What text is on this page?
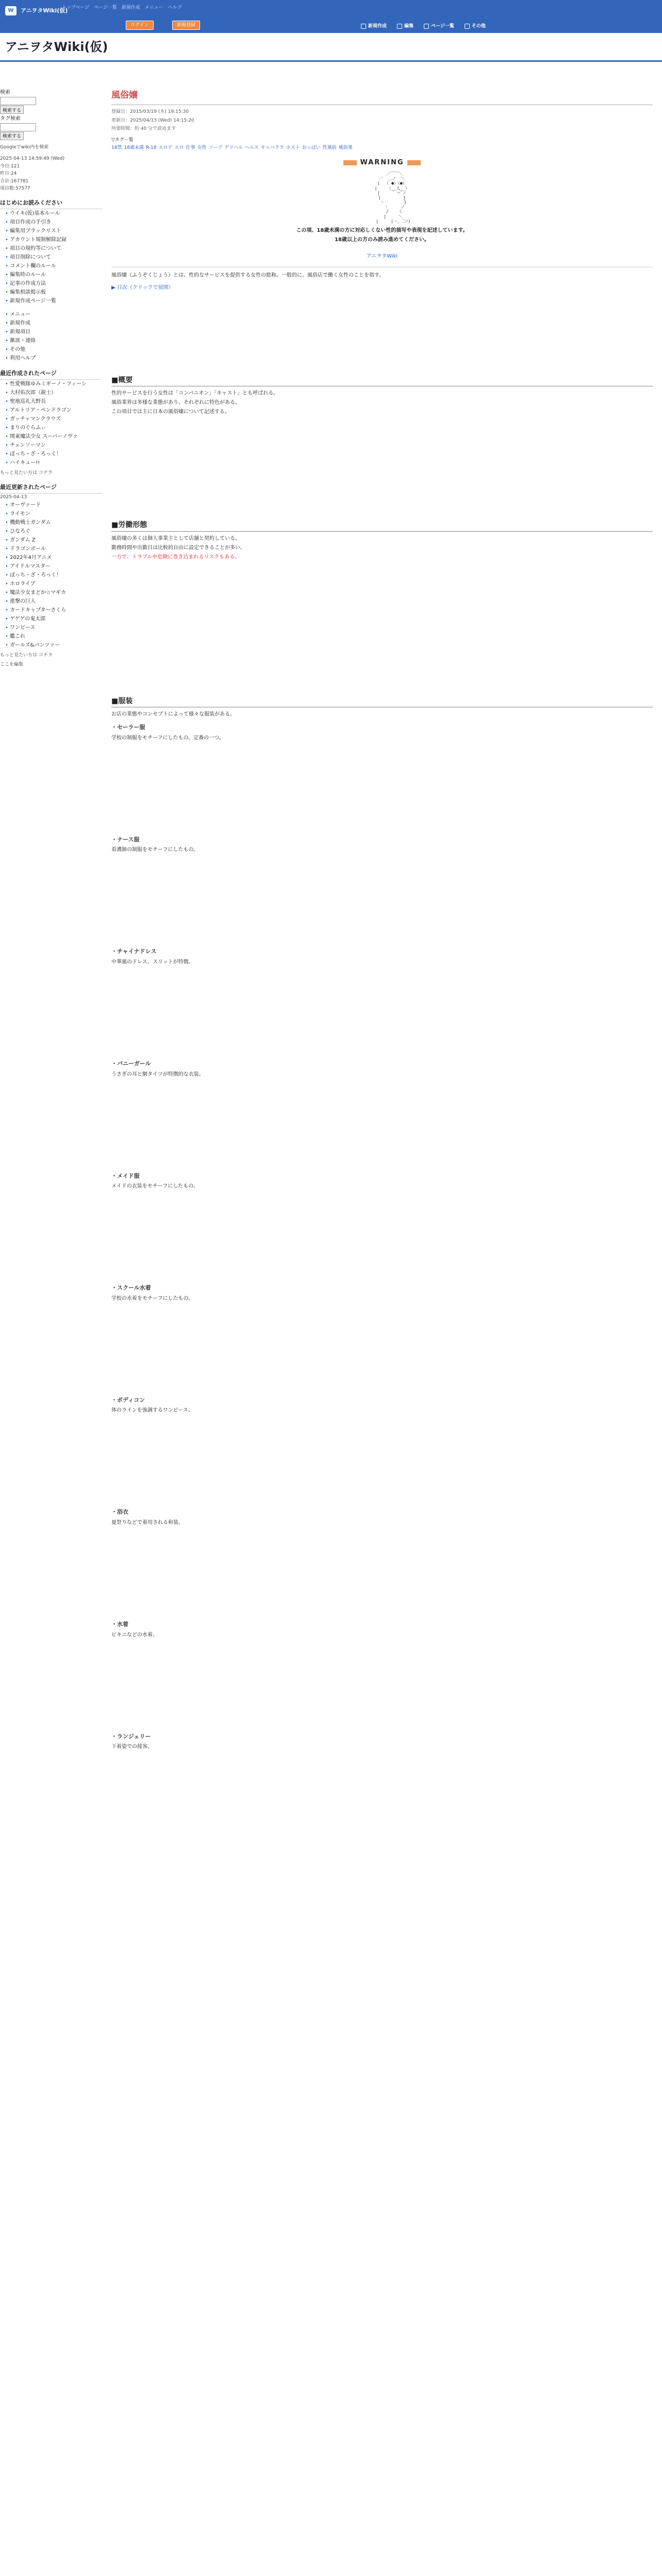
W	アニヲタWiki(仮)
トップページ ページ一覧 新規作成 メニュー ヘルプ
ログイン	新規登録	新規作成	編集	ページ一覧	その他
アニヲタWiki(仮)
検索

検索する
タグ検索

検索する
Googleでwiki内を検索
2025-04-13 14:59:49 (Wed)
今日:121
昨日:24
合計:167781
項目数:57577
はじめにお読みください
• ウイキ(仮)基本ルール
• 項目作成の手引き
• 編集用ブラックリスト
• アカウント規制解除記録
• 項目の規約等について
• 項目削除について
• コメント欄のルール
• 編集時のルール
• 記事の作成方法
• 編集相談掲示板
• 新規作成ページ一覧
• メニュー
• 新規作成
• 新規項目
• 雑談・連絡
• その他
• 利用ヘルプ
最近作成されたページ
• 性愛戦隊ゆみミギーノ・フィーシ
• 大村佑次郎（鋭士）
• 聖地巡礼大野長
• アルトリア・ペンドラゴン
• ガッチャマンクラウズ
• まりのぐらふぃ
• 関東魔法少女 スーパーノヴァ
• チェンソーマン
• ぼっち・ざ・ろっく！
• ハイキュー!!
もっと見たい方は コチラ
最近更新されたページ
2025-04-13
• オーヴァード
• ライモン
• 機動戦士ガンダム
• ひなろぐ
• ガンダム Ζ
• ドラゴンボール
• 2022年4月アニメ
• アイドルマスター
• ぼっち・ざ・ろっく！
• ホロライブ
• 魔法少女まどか☆マギカ
• 進撃の巨人
• カードキャプターさくら
• ゲゲゲの鬼太郎
• ワンピース
• 艦これ
• ガールズ&パンツァー
もっと見たい方は コチラ
ここを編集
風俗嬢

登録日：2015/03/19 (木) 19:15:30

更新日：2025/04/13 (Wed) 14:15:20

所要時間：約 40 分で読めます

▽タグ一覧
18禁 18歳未満 R-18 エロゲ エロ 仕事 女性 ソープ デリヘル ヘルス キャバクラ ホスト おっぱい 性風俗 風俗業
WARNING
／￣￣＼
／  ＿ノ  ＼
|  （ ●）（●）
|    （__人__）
|     ` ⌒´ノ
|         }
ヽ        }
ヽ     ノ
/    く
|     ＼
|     |ヽ、二⌒)

この項、18歳未満の方に対応しくない性的描写や表現を記述しています。

18歳以上の方のみ読み進めてください。

アニヲタWiki

風俗嬢（ふうぞくじょう）とは、性的なサービスを提供する女性の総称。一般的に、風俗店で働く女性のことを指す。

▶ 目次（クリックで展開）

■概要

性的サービスを行う女性は「コンパニオン」「キャスト」とも呼ばれる。

風俗業界は多様な業態があり、それぞれに特色がある。

この項目では主に日本の風俗嬢について記述する。

■労働形態

風俗嬢の多くは個人事業主として店舗と契約している。

勤務時間や出勤日は比較的自由に設定できることが多い。

一方で、トラブルや危険に巻き込まれるリスクもある。

■服装

お店の業態やコンセプトによって様々な服装がある。

・セーラー服

学校の制服をモチーフにしたもの。定番の一つ。

・ナース服

看護師の制服をモチーフにしたもの。

・チャイナドレス

中華風のドレス。スリットが特徴。

・バニーガール

うさぎの耳と網タイツが特徴的な衣装。

・メイド服

メイドの衣装をモチーフにしたもの。

・スクール水着

学校の水着をモチーフにしたもの。

・ボディコン

体のラインを強調するワンピース。

・浴衣

夏祭りなどで着用される和装。

・水着

ビキニなどの水着。

・ランジェリー

下着姿での接客。
